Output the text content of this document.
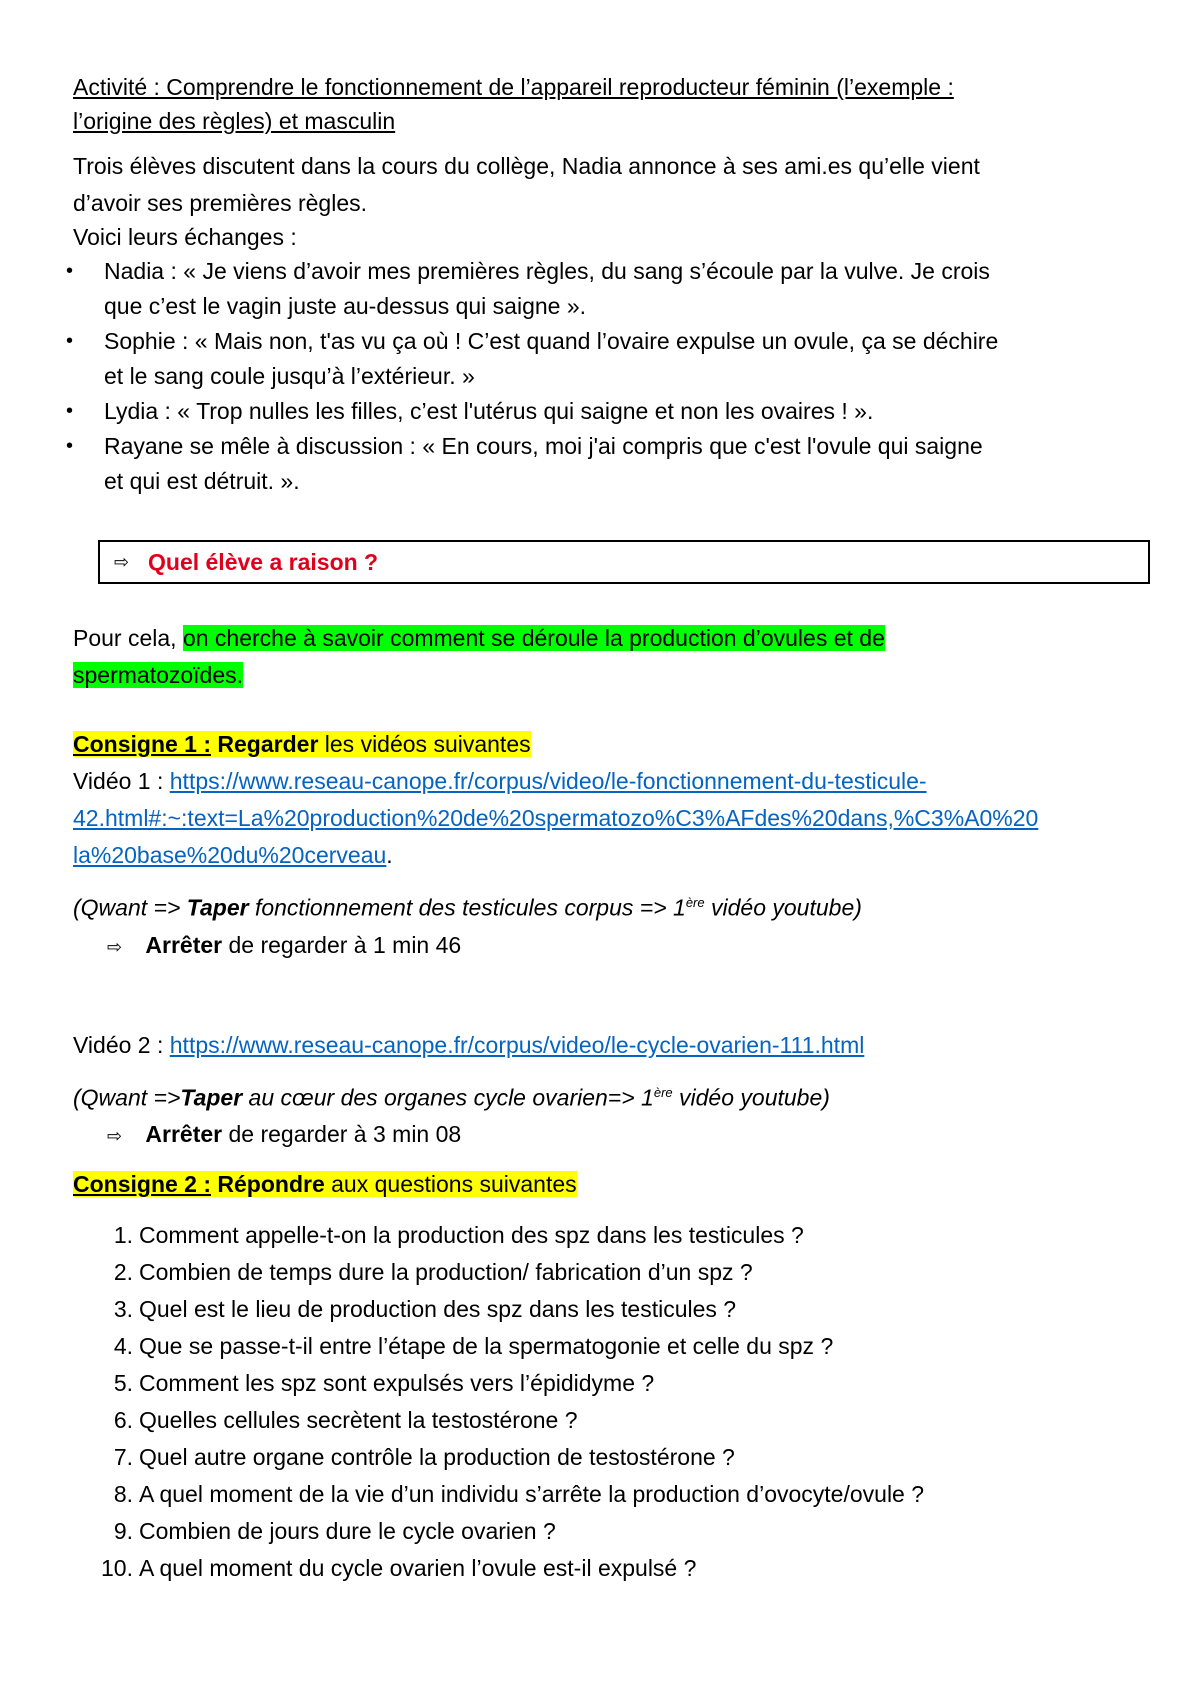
Activité : Comprendre le fonctionnement de l’appareil reproducteur féminin (l’exemple :
l’origine des règles) et masculin
Trois élèves discutent dans la cours du collège, Nadia annonce à ses ami.es qu’elle vient
d’avoir ses premières règles.
Voici leurs échanges :
• Nadia : « Je viens d’avoir mes premières règles, du sang s’écoule par la vulve. Je crois
que c’est le vagin juste au-dessus qui saigne ».
• Sophie : « Mais non, t'as vu ça où ! C’est quand l’ovaire expulse un ovule, ça se déchire
et le sang coule jusqu’à l’extérieur. »
• Lydia : « Trop nulles les filles, c’est l'utérus qui saigne et non les ovaires ! ».
• Rayane se mêle à discussion : « En cours, moi j'ai compris que c'est l'ovule qui saigne
et qui est détruit. ».
⇨ Quel élève a raison ?
Pour cela, on cherche à savoir comment se déroule la production d’ovules et de
spermatozoïdes.
Consigne 1 : Regarder les vidéos suivantes
Vidéo 1 : https://www.reseau-canope.fr/corpus/video/le-fonctionnement-du-testicule-
42.html#:~:text=La%20production%20de%20spermatozo%C3%AFdes%20dans,%C3%A0%20
la%20base%20du%20cerveau.
(Qwant => Taper fonctionnement des testicules corpus => 1ère vidéo youtube)
⇨ Arrêter de regarder à 1 min 46
Vidéo 2 : https://www.reseau-canope.fr/corpus/video/le-cycle-ovarien-111.html
(Qwant =>Taper au cœur des organes cycle ovarien=> 1ère vidéo youtube)
⇨ Arrêter de regarder à 3 min 08
Consigne 2 : Répondre aux questions suivantes
1. Comment appelle-t-on la production des spz dans les testicules ?
2. Combien de temps dure la production/ fabrication d’un spz ?
3. Quel est le lieu de production des spz dans les testicules ?
4. Que se passe-t-il entre l’étape de la spermatogonie et celle du spz ?
5. Comment les spz sont expulsés vers l’épididyme ?
6. Quelles cellules secrètent la testostérone ?
7. Quel autre organe contrôle la production de testostérone ?
8. A quel moment de la vie d’un individu s’arrête la production d’ovocyte/ovule ?
9. Combien de jours dure le cycle ovarien ?
10. A quel moment du cycle ovarien l’ovule est-il expulsé ?
